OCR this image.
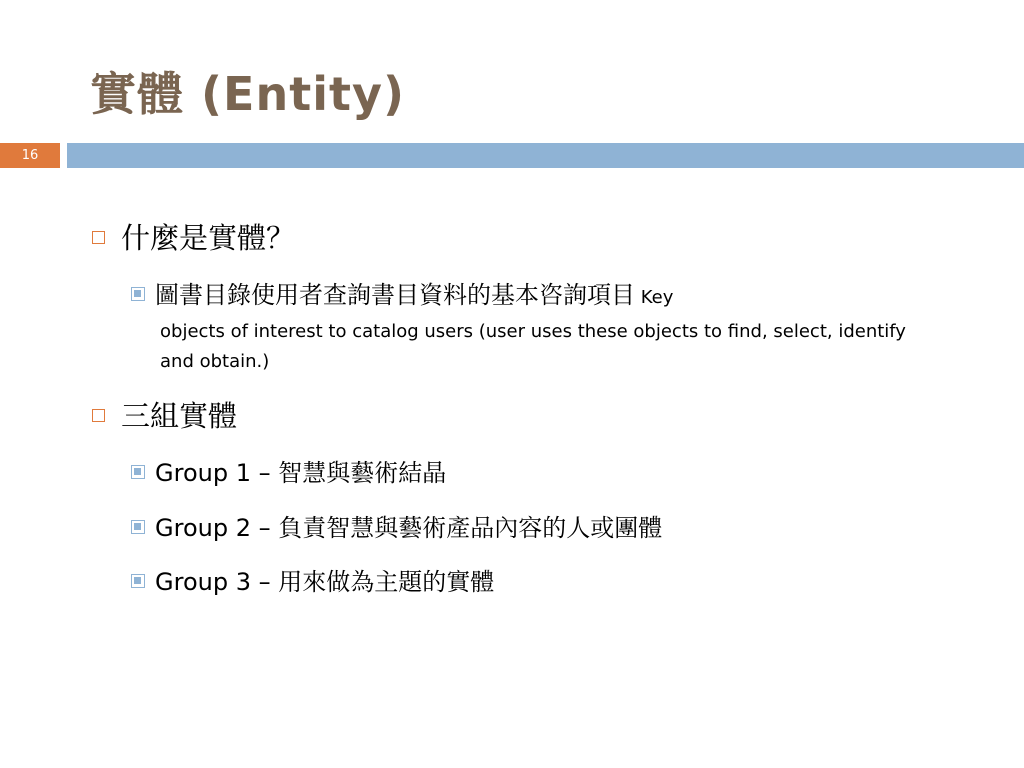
實體 (Entity)
16
什麼是實體？
圖書目錄使用者查詢書目資料的基本咨詢項目 Key
objects of interest to catalog users (user uses these objects to find, select, identify
and obtain.)
三組實體
Group 1 – 智慧與藝術結晶
Group 2 – 負責智慧與藝術產品內容的人或團體
Group 3 – 用來做為主題的實體
